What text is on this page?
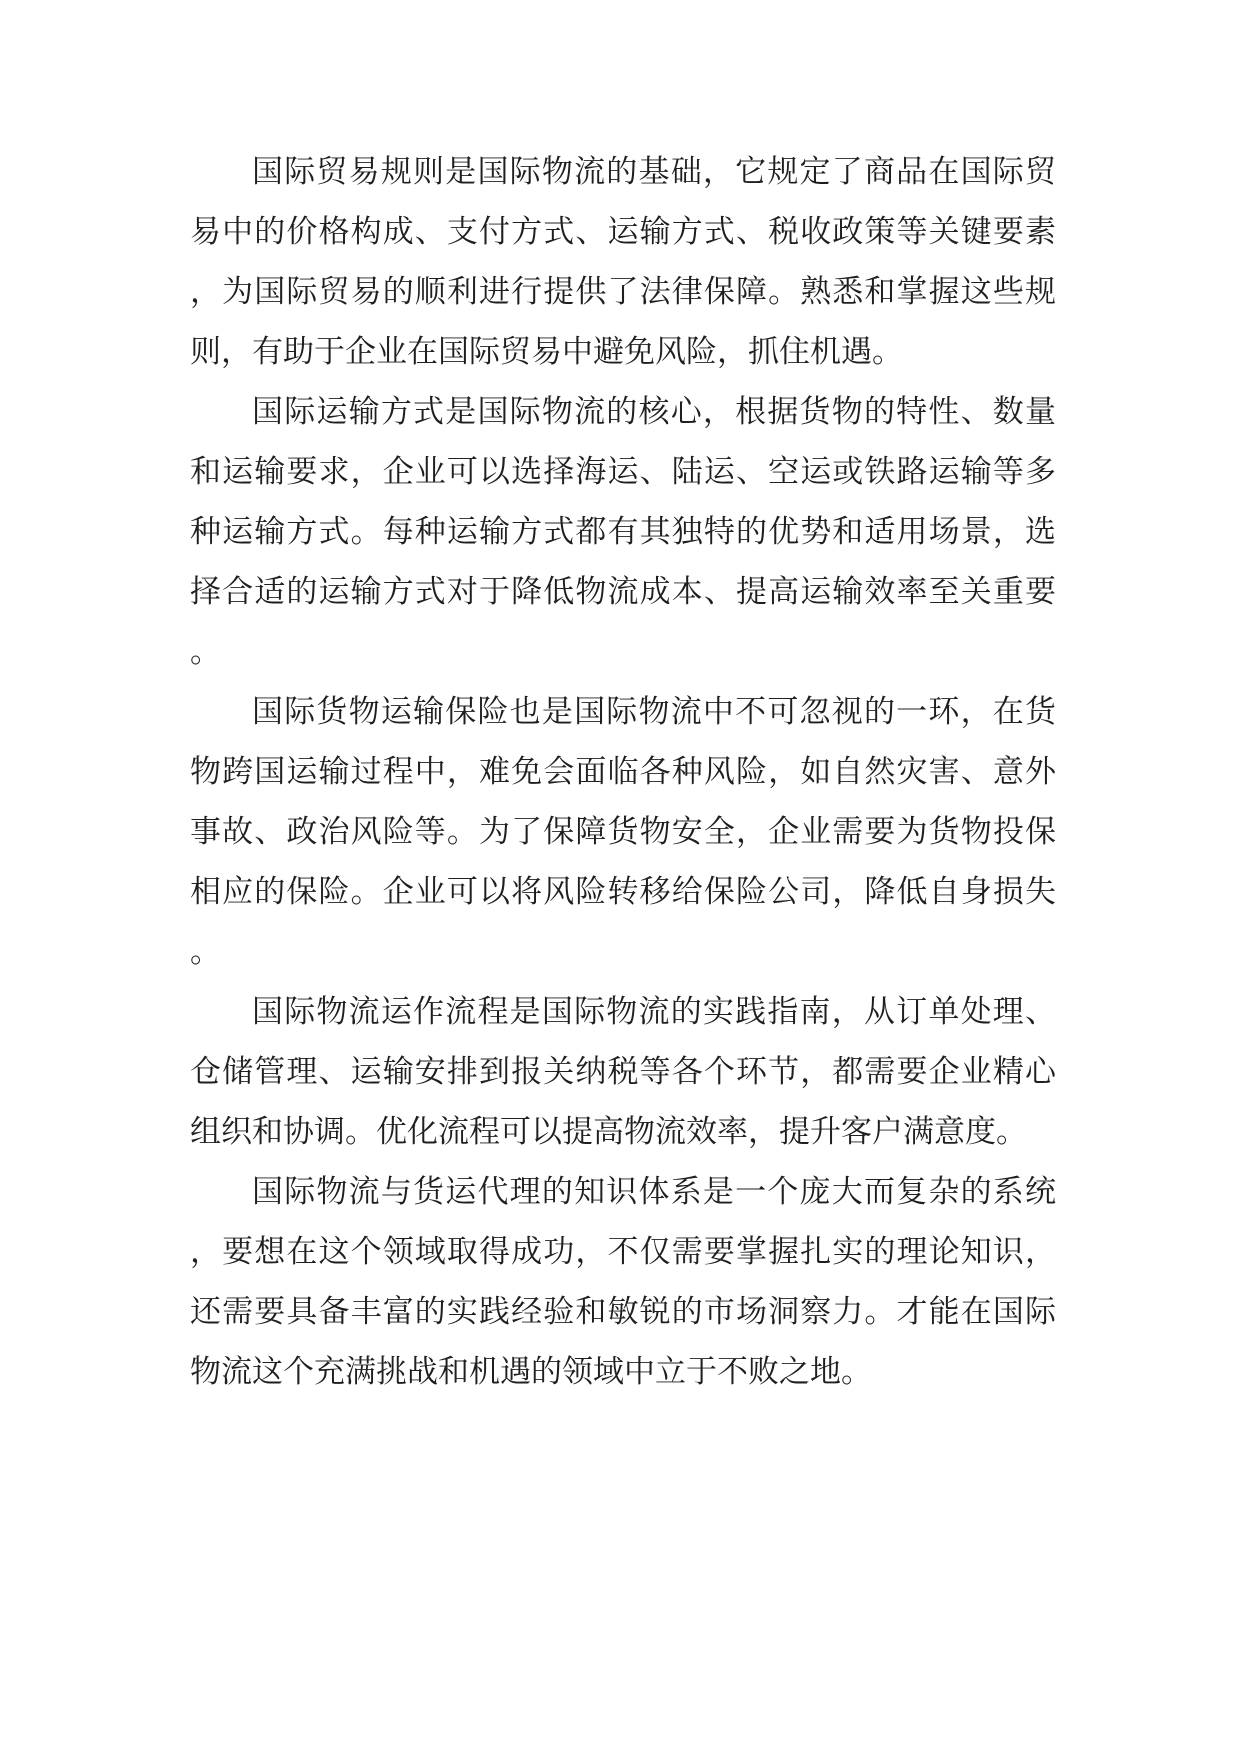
国际贸易规则是国际物流的基础，它规定了商品在国际贸易中的价格构成、支付方式、运输方式、税收政策等关键要素，为国际贸易的顺利进行提供了法律保障。熟悉和掌握这些规则，有助于企业在国际贸易中避免风险，抓住机遇。

国际运输方式是国际物流的核心，根据货物的特性、数量和运输要求，企业可以选择海运、陆运、空运或铁路运输等多种运输方式。每种运输方式都有其独特的优势和适用场景，选择合适的运输方式对于降低物流成本、提高运输效率至关重要。

国际货物运输保险也是国际物流中不可忽视的一环，在货物跨国运输过程中，难免会面临各种风险，如自然灾害、意外事故、政治风险等。为了保障货物安全，企业需要为货物投保相应的保险。企业可以将风险转移给保险公司，降低自身损失。

国际物流运作流程是国际物流的实践指南，从订单处理、仓储管理、运输安排到报关纳税等各个环节，都需要企业精心组织和协调。优化流程可以提高物流效率，提升客户满意度。

国际物流与货运代理的知识体系是一个庞大而复杂的系统，要想在这个领域取得成功，不仅需要掌握扎实的理论知识，还需要具备丰富的实践经验和敏锐的市场洞察力。才能在国际物流这个充满挑战和机遇的领域中立于不败之地。
